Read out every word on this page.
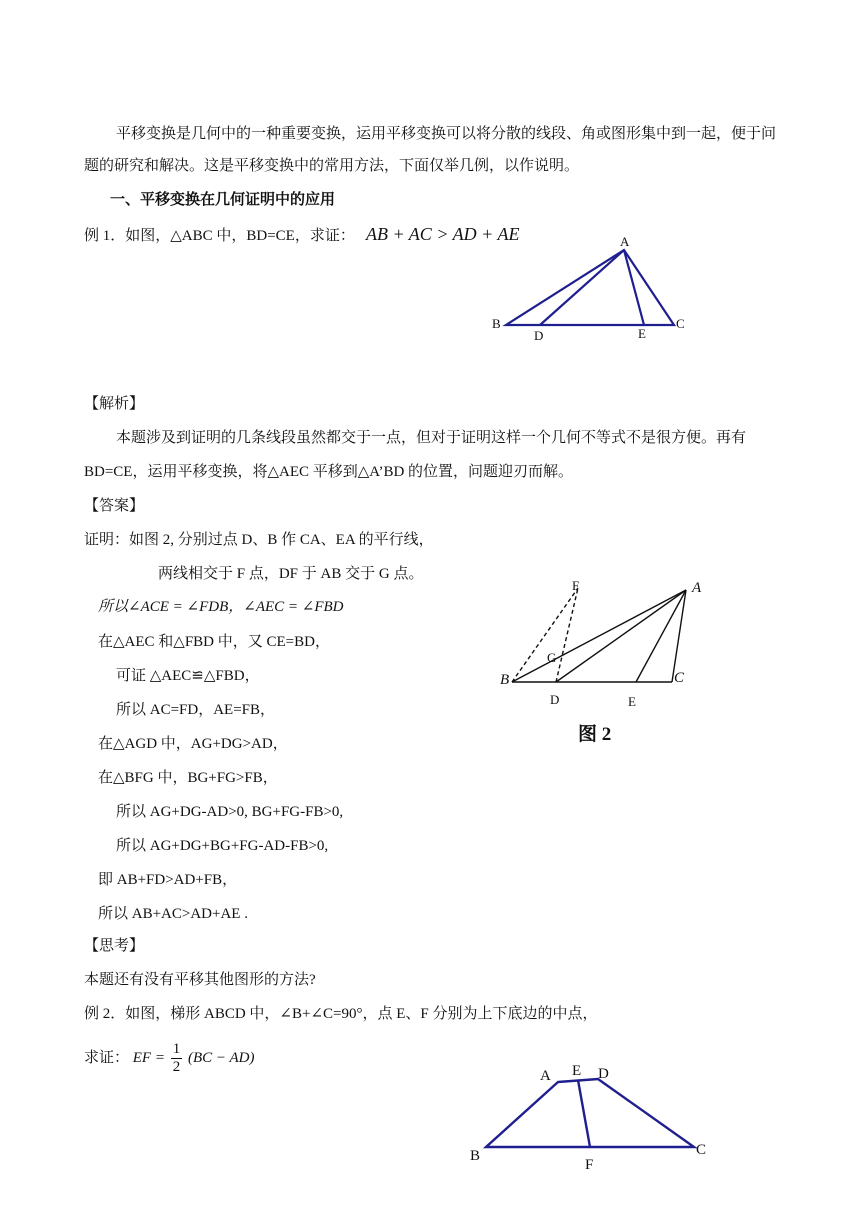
平移变换是几何中的一种重要变换，运用平移变换可以将分散的线段、角或图形集中到一起，便于问
题的研究和解决。这是平移变换中的常用方法，下面仅举几例，以作说明。
一、平移变换在几何证明中的应用
例 1．如图，△ABC 中，BD=CE，求证： AB + AC > AD + AE	A
B
D	E
C
【解析】
本题涉及到证明的几条线段虽然都交于一点，但对于证明这样一个几何不等式不是很方便。再有
BD=CE，运用平移变换，将△AEC 平移到△A’BD 的位置，问题迎刃而解。
【答案】
证明：如图 2, 分别过点 D、B 作 CA、EA 的平行线，
两线相交于 F 点，DF 于 AB 交于 G 点。
所以∠ACE = ∠FDB，∠AEC = ∠FBD
在△AEC 和△FBD 中，又 CE=BD，
可证 △AEC≌△FBD，
所以 AC=FD，AE=FB，
在△AGD 中，AG+DG>AD，
在△BFG 中，BG+FG>FB，
所以 AG+DG-AD>0, BG+FG-FB>0,
所以 AG+DG+BG+FG-AD-FB>0,
即 AB+FD>AD+FB，
所以 AB+AC>AD+AE .
F	A
G
B	C
D	E
图 2
【思考】
本题还有没有平移其他图形的方法?
例 2．如图，梯形 ABCD 中，∠B+∠C=90°，点 E、F 分别为上下底边的中点，
求证： EF = $\frac{1}{2} (BC - AD)$
A E D
B
F
C
